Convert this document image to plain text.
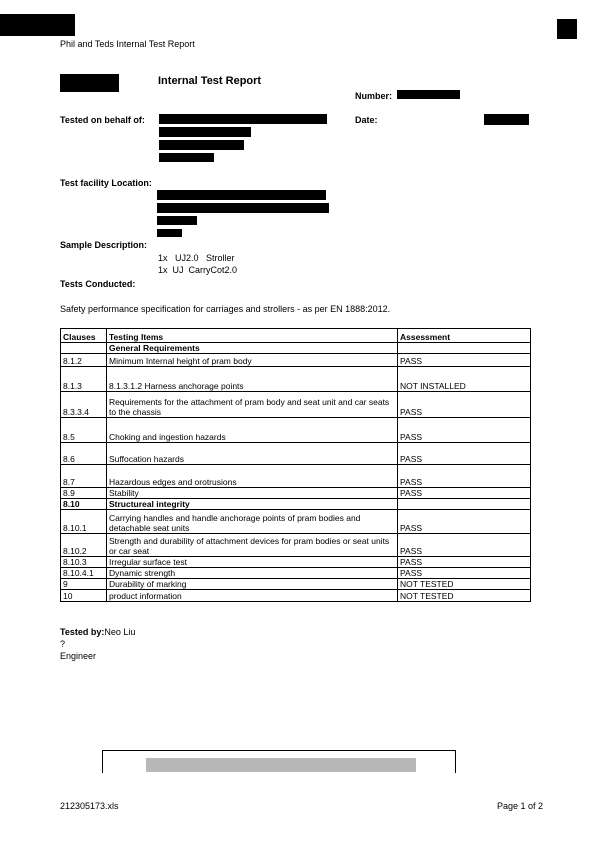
Phil and Teds Internal Test Report
Internal Test Report
Number:
Tested on behalf of:	Date:
Test facility Location:
Sample Description:
1x   UJ2.0   Stroller
1x  UJ  CarryCot2.0
Tests Conducted:
Safety performance specification for carriages and strollers - as per EN 1888:2012.
Clauses	Testing Items	Assessment
	General Requirements	
8.1.2	Minimum Internal height of pram body	PASS
8.1.3	8.1.3.1.2 Harness anchorage points	NOT INSTALLED
8.3.3.4	Requirements for the attachment of pram body and seat unit and car seats to the chassis	PASS
8.5	Choking and ingestion hazards	PASS
8.6	Suffocation hazards	PASS
8.7	Hazardous edges and orotrusions	PASS
8.9	Stability	PASS
8.10	Structureal integrity	
8.10.1	Carrying handles and handle anchorage points of pram bodies and detachable seat units	PASS
8.10.2	Strength and durability of attachment devices for pram bodies or seat units or car seat	PASS
8.10.3	Irregular surface test	PASS
8.10.4.1	Dynamic strength	PASS
9	Durability of marking	NOT TESTED
10	product information	NOT TESTED
Tested by:Neo Liu
?
Engineer
212305173.xls	Page 1 of 2
